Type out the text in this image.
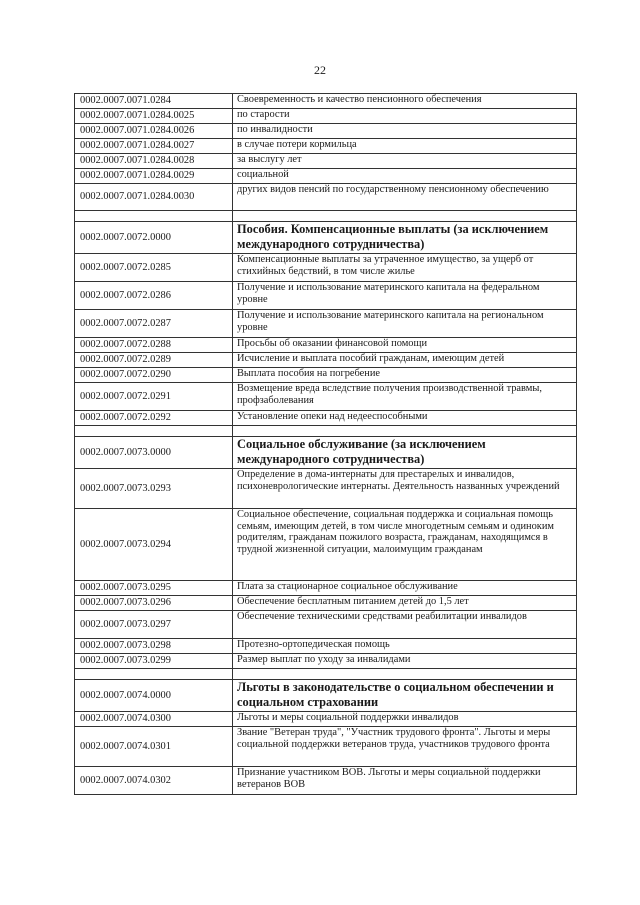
22
0002.0007.0071.0284	Своевременность и качество пенсионного обеспечения
0002.0007.0071.0284.0025	по старости
0002.0007.0071.0284.0026	по инвалидности
0002.0007.0071.0284.0027	в случае потери кормильца
0002.0007.0071.0284.0028	за выслугу лет
0002.0007.0071.0284.0029	социальной
0002.0007.0071.0284.0030	других видов пенсий по государственному пенсионному обеспечению

0002.0007.0072.0000	Пособия. Компенсационные выплаты (за исключением международного сотрудничества)
0002.0007.0072.0285	Компенсационные выплаты за утраченное имущество, за ущерб от стихийных бедствий, в том числе жилье
0002.0007.0072.0286	Получение и использование материнского капитала на федеральном уровне
0002.0007.0072.0287	Получение и использование материнского капитала на региональном уровне
0002.0007.0072.0288	Просьбы об оказании финансовой помощи
0002.0007.0072.0289	Исчисление и выплата пособий гражданам, имеющим детей
0002.0007.0072.0290	Выплата пособия на погребение
0002.0007.0072.0291	Возмещение вреда вследствие получения производственной травмы, профзаболевания
0002.0007.0072.0292	Установление опеки над недееспособными

0002.0007.0073.0000	Социальное обслуживание (за исключением международного сотрудничества)
0002.0007.0073.0293	Определение в дома-интернаты для престарелых и инвалидов, психоневрологические интернаты. Деятельность названных учреждений
0002.0007.0073.0294	Социальное обеспечение, социальная поддержка и социальная помощь семьям, имеющим детей, в том числе многодетным семьям и одиноким родителям, гражданам пожилого возраста, гражданам, находящимся в трудной жизненной ситуации, малоимущим гражданам
0002.0007.0073.0295	Плата за стационарное социальное обслуживание
0002.0007.0073.0296	Обеспечение бесплатным питанием детей до 1,5 лет
0002.0007.0073.0297	Обеспечение техническими средствами реабилитации инвалидов
0002.0007.0073.0298	Протезно-ортопедическая помощь
0002.0007.0073.0299	Размер выплат по уходу за инвалидами

0002.0007.0074.0000	Льготы в законодательстве о социальном обеспечении и социальном страховании
0002.0007.0074.0300	Льготы и меры социальной поддержки инвалидов
0002.0007.0074.0301	Звание "Ветеран труда", "Участник трудового фронта". Льготы и меры социальной поддержки ветеранов труда, участников трудового фронта
0002.0007.0074.0302	Признание участником ВОВ. Льготы и меры социальной поддержки ветеранов ВОВ
